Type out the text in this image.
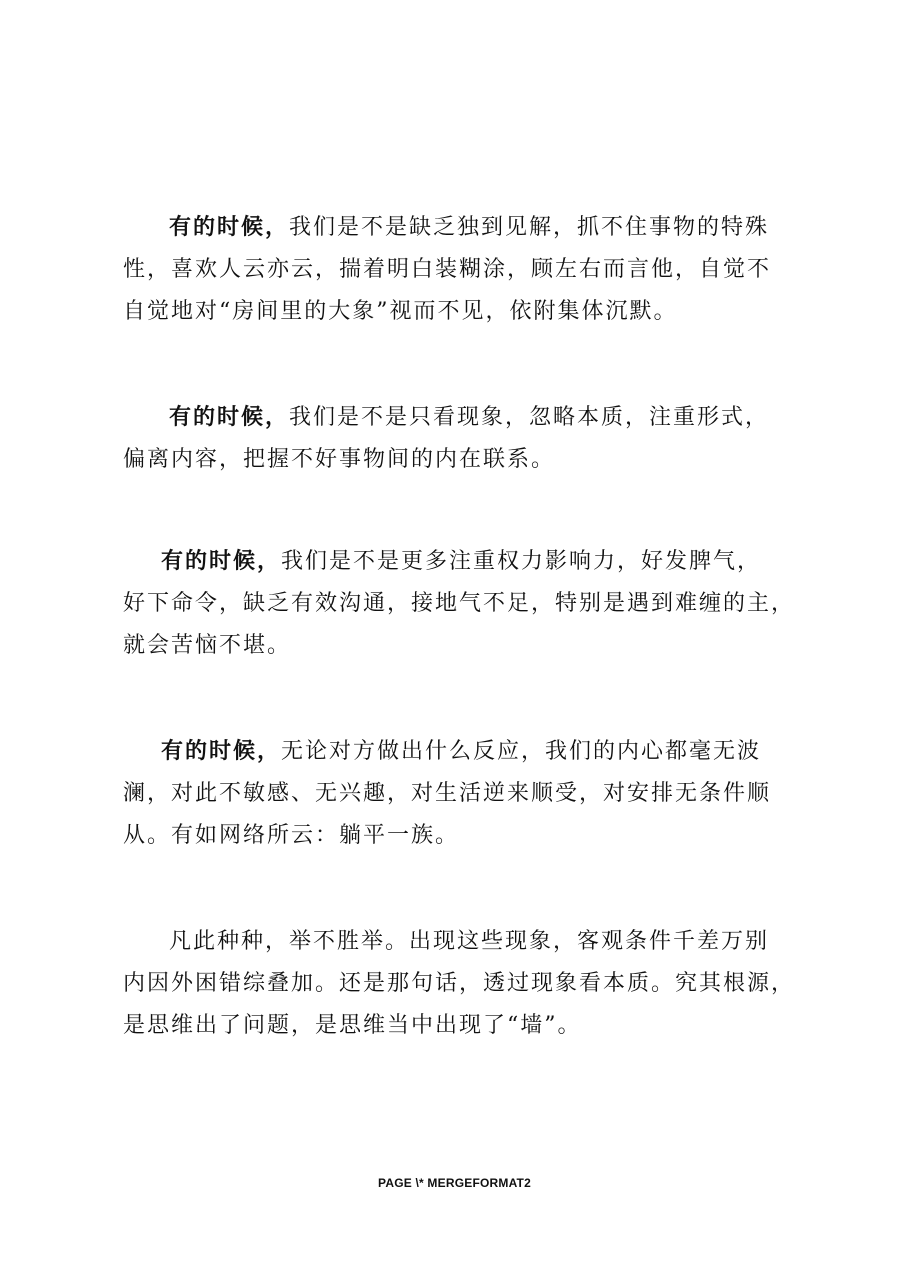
有的时候，我们是不是缺乏独到见解，抓不住事物的特殊
性，喜欢人云亦云，揣着明白装糊涂，顾左右而言他，自觉不
自觉地对“房间里的大象”视而不见，依附集体沉默。

有的时候，我们是不是只看现象，忽略本质，注重形式，
偏离内容，把握不好事物间的内在联系。

有的时候，我们是不是更多注重权力影响力，好发脾气，
好下命令，缺乏有效沟通，接地气不足，特别是遇到难缠的主，
就会苦恼不堪。

有的时候，无论对方做出什么反应，我们的内心都毫无波
澜，对此不敏感、无兴趣，对生活逆来顺受，对安排无条件顺
从。有如网络所云：躺平一族。

凡此种种，举不胜举。出现这些现象，客观条件千差万别
内因外困错综叠加。还是那句话，透过现象看本质。究其根源，
是思维出了问题，是思维当中出现了“墙”。

PAGE \* MERGEFORMAT2
